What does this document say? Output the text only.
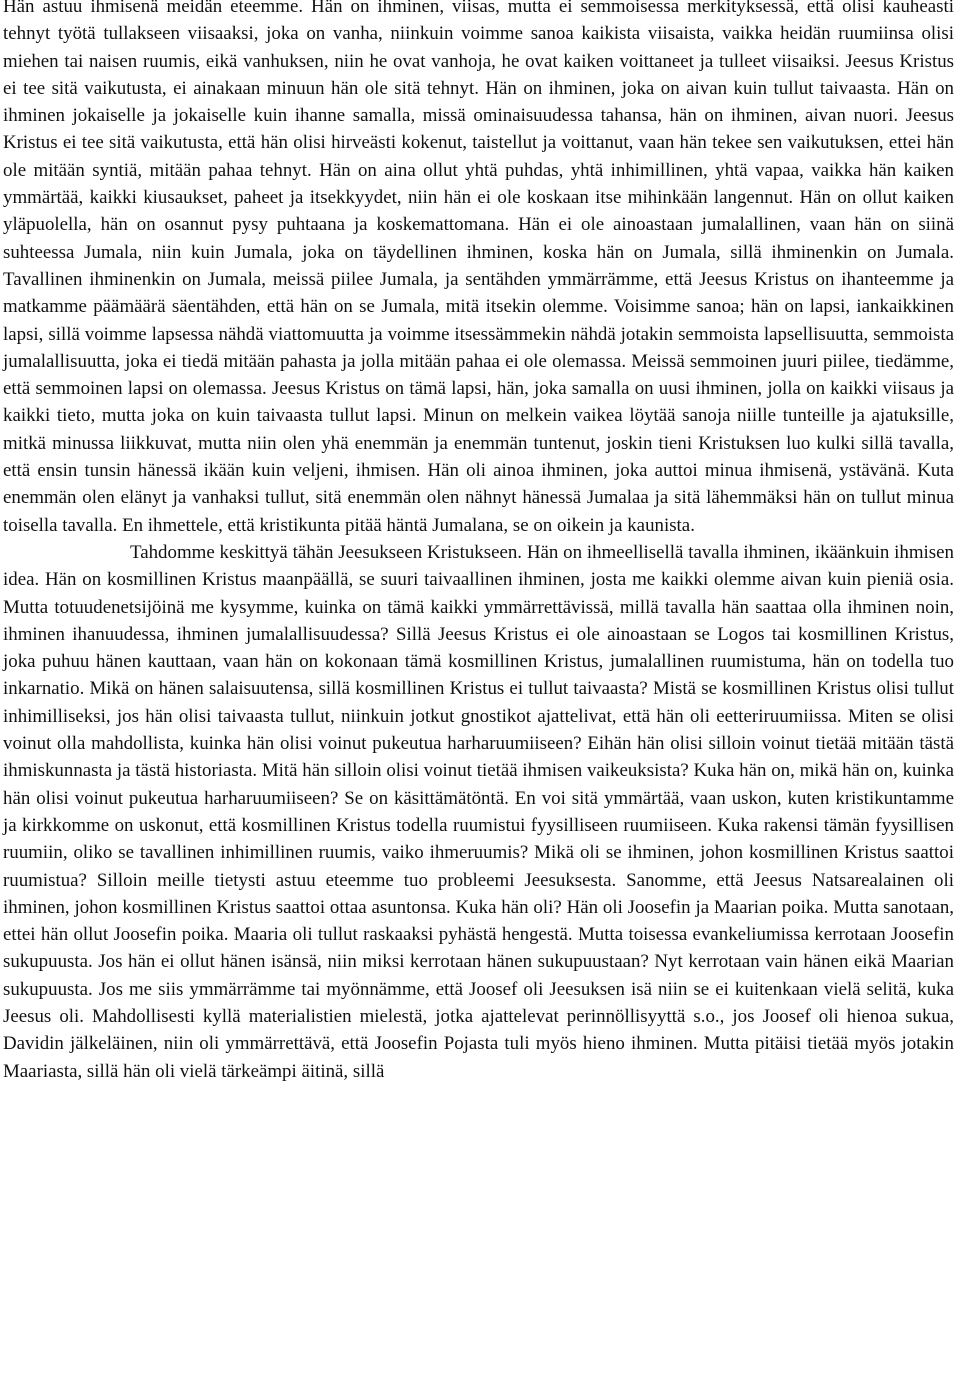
Hän astuu ihmisenä meidän eteemme. Hän on ihminen, viisas, mutta ei semmoisessa merkityksessä, että olisi kauheasti tehnyt työtä tullakseen viisaaksi, joka on vanha, niinkuin voimme sanoa kaikista viisaista, vaikka heidän ruumiinsa olisi miehen tai naisen ruumis, eikä vanhuksen, niin he ovat vanhoja, he ovat kaiken voittaneet ja tulleet viisaiksi. Jeesus Kristus ei tee sitä vaikutusta, ei ainakaan minuun hän ole sitä tehnyt. Hän on ihminen, joka on aivan kuin tullut taivaasta. Hän on ihminen jokaiselle ja jokaiselle kuin ihanne samalla, missä ominaisuudessa tahansa, hän on ihminen, aivan nuori. Jeesus Kristus ei tee sitä vaikutusta, että hän olisi hirveästi kokenut, taistellut ja voittanut, vaan hän tekee sen vaikutuksen, ettei hän ole mitään syntiä, mitään pahaa tehnyt. Hän on aina ollut yhtä puhdas, yhtä inhimillinen, yhtä vapaa, vaikka hän kaiken ymmärtää, kaikki kiusaukset, paheet ja itsekkyydet, niin hän ei ole koskaan itse mihinkään langennut. Hän on ollut kaiken yläpuolella, hän on osannut pysy puhtaana ja koskemattomana. Hän ei ole ainoastaan jumalallinen, vaan hän on siinä suhteessa Jumala, niin kuin Jumala, joka on täydellinen ihminen, koska hän on Jumala, sillä ihminenkin on Jumala. Tavallinen ihminenkin on Jumala, meissä piilee Jumala, ja sentähden ymmärrämme, että Jeesus Kristus on ihanteemme ja matkamme päämäärä säentähden, että hän on se Jumala, mitä itsekin olemme. Voisimme sanoa; hän on lapsi, iankaikkinen lapsi, sillä voimme lapsessa nähdä viattomuutta ja voimme itsessämmekin nähdä jotakin semmoista lapsellisuutta, semmoista jumalallisuutta, joka ei tiedä mitään pahasta ja jolla mitään pahaa ei ole olemassa. Meissä semmoinen juuri piilee, tiedämme, että semmoinen lapsi on olemassa. Jeesus Kristus on tämä lapsi, hän, joka samalla on uusi ihminen, jolla on kaikki viisaus ja kaikki tieto, mutta joka on kuin taivaasta tullut lapsi. Minun on melkein vaikea löytää sanoja niille tunteille ja ajatuksille, mitkä minussa liikkuvat, mutta niin olen yhä enemmän ja enemmän tuntenut, joskin tieni Kristuksen luo kulki sillä tavalla, että ensin tunsin hänessä ikään kuin veljeni, ihmisen. Hän oli ainoa ihminen, joka auttoi minua ihmisenä, ystävänä. Kuta enemmän olen elänyt ja vanhaksi tullut, sitä enemmän olen nähnyt hänessä Jumalaa ja sitä lähemmäksi hän on tullut minua toisella tavalla. En ihmettele, että kristikunta pitää häntä Jumalana, se on oikein ja kaunista.

Tahdomme keskittyä tähän Jeesukseen Kristukseen. Hän on ihmeellisellä tavalla ihminen, ikäänkuin ihmisen idea. Hän on kosmillinen Kristus maanpäällä, se suuri taivaallinen ihminen, josta me kaikki olemme aivan kuin pieniä osia. Mutta totuudenetsijöinä me kysymme, kuinka on tämä kaikki ymmärrettävissä, millä tavalla hän saattaa olla ihminen noin, ihminen ihanuudessa, ihminen jumalallisuudessa? Sillä Jeesus Kristus ei ole ainoastaan se Logos tai kosmillinen Kristus, joka puhuu hänen kauttaan, vaan hän on kokonaan tämä kosmillinen Kristus, jumalallinen ruumistuma, hän on todella tuo inkarnatio. Mikä on hänen salaisuutensa, sillä kosmillinen Kristus ei tullut taivaasta? Mistä se kosmillinen Kristus olisi tullut inhimilliseksi, jos hän olisi taivaasta tullut, niinkuin jotkut gnostikot ajattelivat, että hän oli eetteriruumiissa. Miten se olisi voinut olla mahdollista, kuinka hän olisi voinut pukeutua harharuumiiseen? Eihän hän olisi silloin voinut tietää mitään tästä ihmiskunnasta ja tästä historiasta. Mitä hän silloin olisi voinut tietää ihmisen vaikeuksista? Kuka hän on, mikä hän on, kuinka hän olisi voinut pukeutua harharuumiiseen? Se on käsittämätöntä. En voi sitä ymmärtää, vaan uskon, kuten kristikuntamme ja kirkkomme on uskonut, että kosmillinen Kristus todella ruumistui fyysilliseen ruumiiseen. Kuka rakensi tämän fyysillisen ruumiin, oliko se tavallinen inhimillinen ruumis, vaiko ihmeruumis? Mikä oli se ihminen, johon kosmillinen Kristus saattoi ruumistua? Silloin meille tietysti astuu eteemme tuo probleemi Jeesuksesta. Sanomme, että Jeesus Natsarealainen oli ihminen, johon kosmillinen Kristus saattoi ottaa asuntonsa. Kuka hän oli? Hän oli Joosefin ja Maarian poika. Mutta sanotaan, ettei hän ollut Joosefin poika. Maaria oli tullut raskaaksi pyhästä hengestä. Mutta toisessa evankeliumissa kerrotaan Joosefin sukupuusta. Jos hän ei ollut hänen isänsä, niin miksi kerrotaan hänen sukupuustaan? Nyt kerrotaan vain hänen eikä Maarian sukupuusta. Jos me siis ymmärrämme tai myönnämme, että Joosef oli Jeesuksen isä niin se ei kuitenkaan vielä selitä, kuka Jeesus oli. Mahdollisesti kyllä materialistien mielestä, jotka ajattelevat perinnöllisyyttä s.o., jos Joosef oli hienoa sukua, Davidin jälkeläinen, niin oli ymmärrettävä, että Joosefin Pojasta tuli myös hieno ihminen. Mutta pitäisi tietää myös jotakin Maariasta, sillä hän oli vielä tärkeämpi äitinä, sillä
